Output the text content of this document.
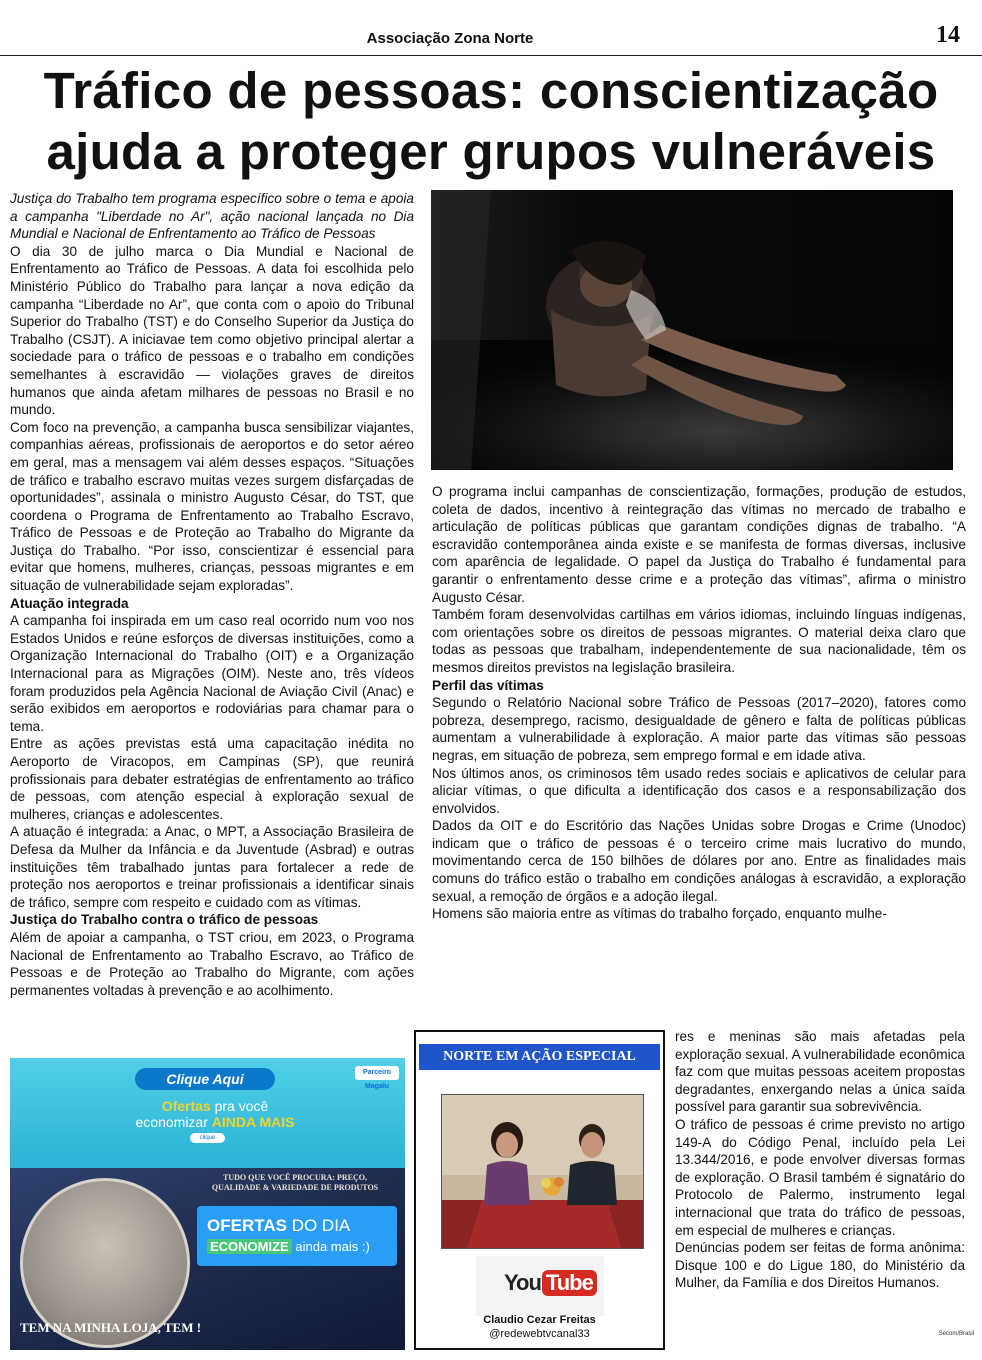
Associação Zona Norte	14
Tráfico de pessoas: conscientização
ajuda a proteger grupos vulneráveis

Justiça do Trabalho tem programa específico sobre o tema e apoia a campanha "Liberdade no Ar", ação nacional lançada no Dia Mundial e Nacional de Enfrentamento ao Tráfico de Pessoas

O dia 30 de julho marca o Dia Mundial e Nacional de Enfrentamento ao Tráfico de Pessoas. A data foi escolhida pelo Ministério Público do Trabalho para lançar a nova edição da campanha “Liberdade no Ar”, que conta com o apoio do Tribunal Superior do Trabalho (TST) e do Conselho Superior da Justiça do Trabalho (CSJT). A iniciavae tem como objetivo principal alertar a sociedade para o tráfico de pessoas e o trabalho em condições semelhantes à escravidão — violações graves de direitos humanos que ainda afetam milhares de pessoas no Brasil e no mundo.

Com foco na prevenção, a campanha busca sensibilizar viajantes, companhias aéreas, profissionais de aeroportos e do setor aéreo em geral, mas a mensagem vai além desses espaços. “Situações de tráfico e trabalho escravo muitas vezes surgem disfarçadas de oportunidades”, assinala o ministro Augusto César, do TST, que coordena o Programa de Enfrentamento ao Trabalho Escravo, Tráfico de Pessoas e de Proteção ao Trabalho do Migrante da Justiça do Trabalho. “Por isso, conscientizar é essencial para evitar que homens, mulheres, crianças, pessoas migrantes e em situação de vulnerabilidade sejam exploradas”.

Atuação integrada

A campanha foi inspirada em um caso real ocorrido num voo nos Estados Unidos e reúne esforços de diversas instituições, como a Organização Internacional do Trabalho (OIT) e a Organização Internacional para as Migrações (OIM). Neste ano, três vídeos foram produzidos pela Agência Nacional de Aviação Civil (Anac) e serão exibidos em aeroportos e rodoviárias para chamar para o tema.

Entre as ações previstas está uma capacitação inédita no Aeroporto de Viracopos, em Campinas (SP), que reunirá profissionais para debater estratégias de enfrentamento ao tráfico de pessoas, com atenção especial à exploração sexual de mulheres, crianças e adolescentes.

A atuação é integrada: a Anac, o MPT, a Associação Brasileira de Defesa da Mulher da Infância e da Juventude (Asbrad) e outras instituições têm trabalhado juntas para fortalecer a rede de proteção nos aeroportos e treinar profissionais a identificar sinais de tráfico, sempre com respeito e cuidado com as vítimas.

Justiça do Trabalho contra o tráfico de pessoas

Além de apoiar a campanha, o TST criou, em 2023, o Programa Nacional de Enfrentamento ao Trabalho Escravo, ao Tráfico de Pessoas e de Proteção ao Trabalho do Migrante, com ações permanentes voltadas à prevenção e ao acolhimento.

O programa inclui campanhas de conscientização, formações, produção de estudos, coleta de dados, incentivo à reintegração das vítimas no mercado de trabalho e articulação de políticas públicas que garantam condições dignas de trabalho. “A escravidão contemporânea ainda existe e se manifesta de formas diversas, inclusive com aparência de legalidade. O papel da Justiça do Trabalho é fundamental para garantir o enfrentamento desse crime e a proteção das vítimas”, afirma o ministro Augusto César.

Também foram desenvolvidas cartilhas em vários idiomas, incluindo línguas indígenas, com orientações sobre os direitos de pessoas migrantes. O material deixa claro que todas as pessoas que trabalham, independentemente de sua nacionalidade, têm os mesmos direitos previstos na legislação brasileira.

Perfil das vítimas

Segundo o Relatório Nacional sobre Tráfico de Pessoas (2017–2020), fatores como pobreza, desemprego, racismo, desigualdade de gênero e falta de políticas públicas aumentam a vulnerabilidade à exploração. A maior parte das vítimas são pessoas negras, em situação de pobreza, sem emprego formal e em idade ativa.

Nos últimos anos, os criminosos têm usado redes sociais e aplicativos de celular para aliciar vítimas, o que dificulta a identificação dos casos e a responsabilização dos envolvidos.

Dados da OIT e do Escritório das Nações Unidas sobre Drogas e Crime (Unodoc) indicam que o tráfico de pessoas é o terceiro crime mais lucrativo do mundo, movimentando cerca de 150 bilhões de dólares por ano. Entre as finalidades mais comuns do tráfico estão o trabalho em condições análogas à escravidão, a exploração sexual, a remoção de órgãos e a adoção ilegal.

Homens são maioria entre as vítimas do trabalho forçado, enquanto mulhe-

res e meninas são mais afetadas pela exploração sexual. A vulnerabilidade econômica faz com que muitas pessoas aceitem propostas degradantes, enxergando nelas a única saída possível para garantir sua sobrevivência.

O tráfico de pessoas é crime previsto no artigo 149-A do Código Penal, incluído pela Lei 13.344/2016, e pode envolver diversas formas de exploração. O Brasil também é signatário do Protocolo de Palermo, instrumento legal internacional que trata do tráfico de pessoas, em especial de mulheres e crianças.

Denúncias podem ser feitas de forma anônima: Disque 100 e do Ligue 180, do Ministério da Mulher, da Família e dos Direitos Humanos.

Secom/Brasil
Clique Aqui	Parceiro Magalu
Ofertas pra você
economizar AINDA MAIS
clique
TUDO QUE VOCÊ PROCURA: PREÇO, QUALIDADE & VARIEDADE DE PRODUTOS
OFERTAS DO DIA
ECONOMIZE ainda mais :)
TEM NA MINHA LOJA, TEM !
NORTE EM AÇÃO ESPECIAL
You Tube
Claudio Cezar Freitas
@redewebtvcanal33
